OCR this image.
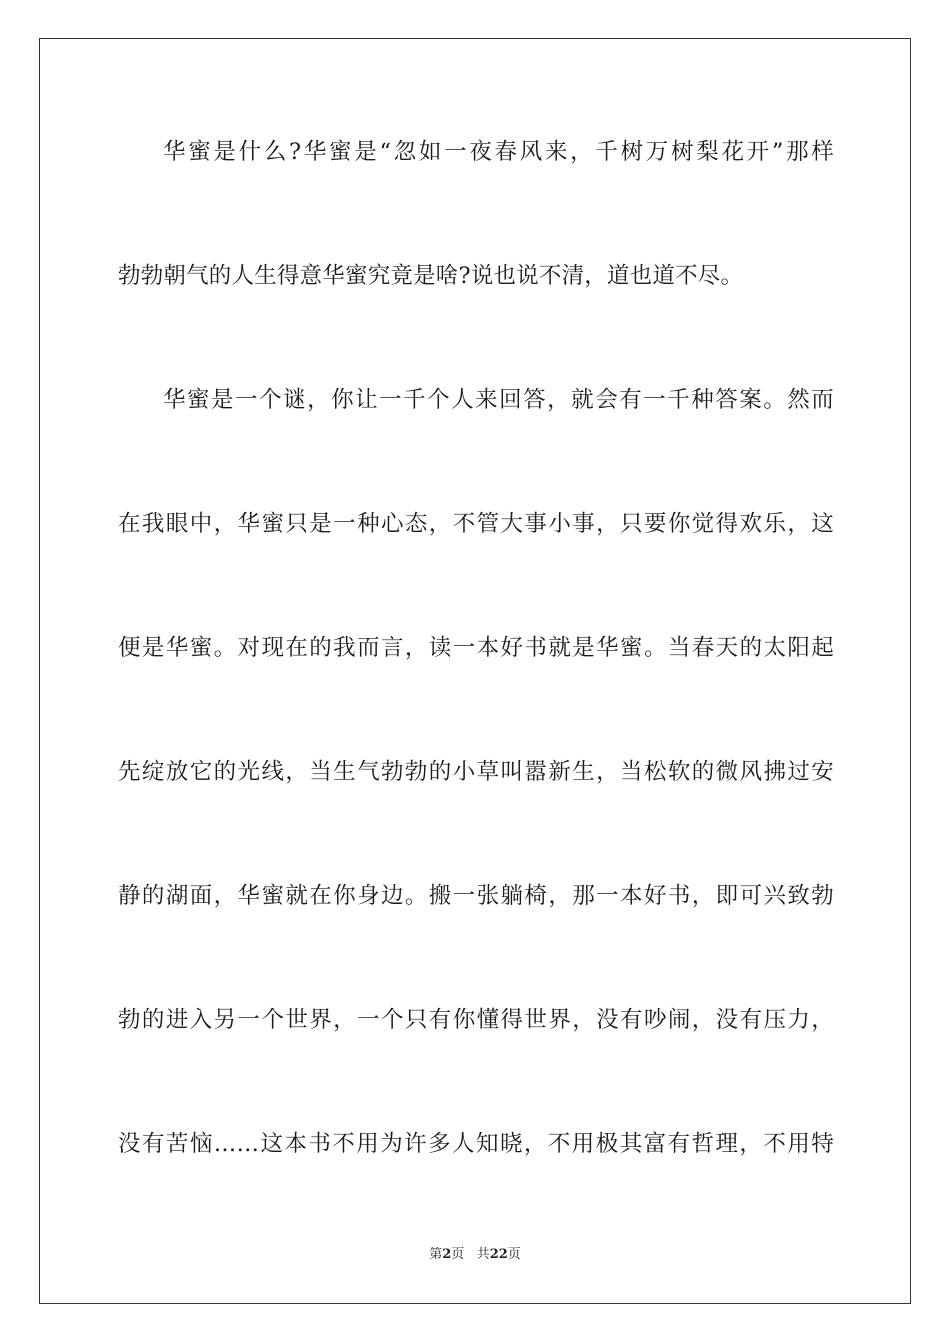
华蜜是什么?华蜜是“忽如一夜春风来，千树万树梨花开”那样
勃勃朝气的人生得意华蜜究竟是啥?说也说不清，道也道不尽。
华蜜是一个谜，你让一千个人来回答，就会有一千种答案。然而
在我眼中，华蜜只是一种心态，不管大事小事，只要你觉得欢乐，这
便是华蜜。对现在的我而言，读一本好书就是华蜜。当春天的太阳起
先绽放它的光线，当生气勃勃的小草叫嚣新生，当松软的微风拂过安
静的湖面，华蜜就在你身边。搬一张躺椅，那一本好书，即可兴致勃
勃的进入另一个世界，一个只有你懂得世界，没有吵闹，没有压力，
没有苦恼……这本书不用为许多人知晓，不用极其富有哲理，不用特
第2页 共22页
